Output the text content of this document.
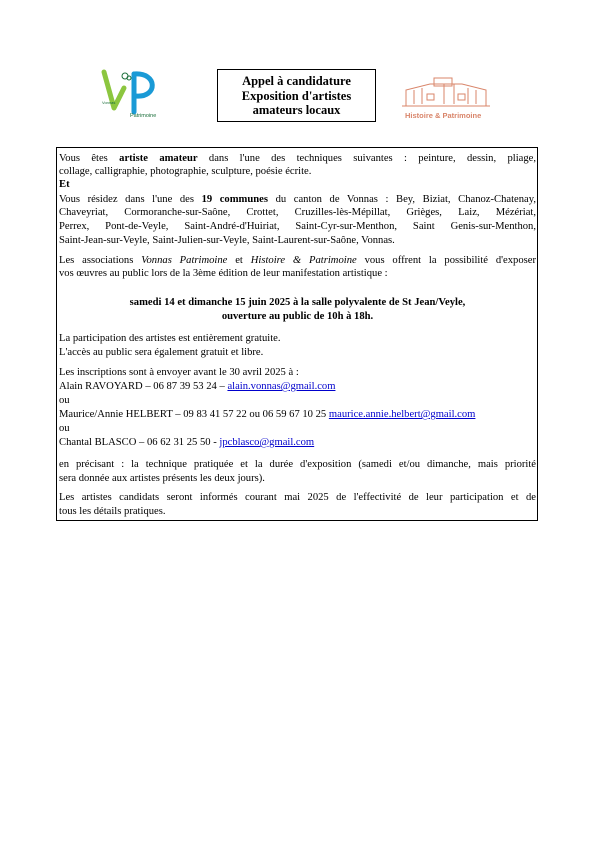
Vonnas
Patrimoine
Appel à candidature
Exposition d'artistes
amateurs locaux	Histoire & Patrimoine
Vous êtes artiste amateur dans l'une des techniques suivantes : peinture, dessin, pliage,
collage, calligraphie, photographie, sculpture, poésie écrite.
Et
Vous résidez dans l'une des 19 communes du canton de Vonnas : Bey, Biziat, Chanoz-Chatenay,
Chaveyriat, Cormoranche-sur-Saône, Crottet, Cruzilles-lès-Mépillat, Grièges, Laiz, Mézériat,
Perrex, Pont-de-Veyle, Saint-André-d'Huiriat, Saint-Cyr-sur-Menthon, Saint Genis-sur-Menthon,
Saint-Jean-sur-Veyle, Saint-Julien-sur-Veyle, Saint-Laurent-sur-Saône, Vonnas.
Les associations Vonnas Patrimoine et Histoire & Patrimoine vous offrent la possibilité d'exposer
vos œuvres au public lors de la 3ème édition de leur manifestation artistique :
samedi 14 et dimanche 15 juin 2025 à la salle polyvalente de St Jean/Veyle,
ouverture au public de 10h à 18h.
La participation des artistes est entièrement gratuite.
L'accès au public sera également gratuit et libre.
Les inscriptions sont à envoyer avant le 30 avril 2025 à :
Alain RAVOYARD – 06 87 39 53 24 – alain.vonnas@gmail.com
ou
Maurice/Annie HELBERT – 09 83 41 57 22 ou 06 59 67 10 25 maurice.annie.helbert@gmail.com
ou
Chantal BLASCO – 06 62 31 25 50 - jpcblasco@gmail.com
en précisant : la technique pratiquée et la durée d'exposition (samedi et/ou dimanche, mais priorité
sera donnée aux artistes présents les deux jours).
Les artistes candidats seront informés courant mai 2025 de l'effectivité de leur participation et de
tous les détails pratiques.
